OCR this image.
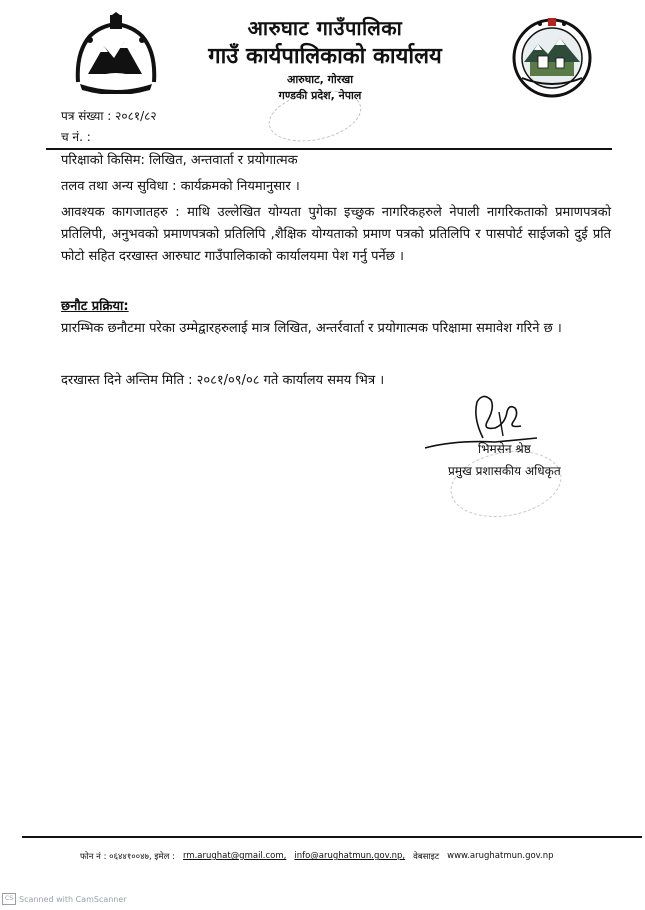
आरुघाट गाउँपालिका
गाउँ कार्यपालिकाको कार्यालय
आरुघाट, गोरखा
गण्डकी प्रदेश, नेपाल
पत्र संख्या : २०८१/८२
च नं. :
परिक्षाको किसिम: लिखित, अन्तवार्ता र प्रयोगात्मक
तलव तथा अन्य सुविधा : कार्यक्रमको नियमानुसार ।
आवश्यक कागजातहरु : माथि उल्लेखित योग्यता पुगेका इच्छुक नागरिकहरुले नेपाली नागरिकताको प्रमाणपत्रको प्रतिलिपी, अनुभवको प्रमाणपत्रको प्रतिलिपि ,शैक्षिक योग्यताको प्रमाण पत्रको प्रतिलिपि र पासपोर्ट साईजको दुई प्रति फोटो सहित दरखास्त आरुघाट गाउँपालिकाको कार्यालयमा पेश गर्नु पर्नेछ ।
छनौट प्रक्रिया:
प्रारम्भिक छनौटमा परेका उम्मेद्वारहरुलाई मात्र लिखित, अन्तर्रवार्ता र प्रयोगात्मक परिक्षामा समावेश गरिने छ ।
दरखास्त दिने अन्तिम मिति : २०८१/०९/०८ गते कार्यालय समय भित्र ।
भिमसेन श्रेष्ठ
प्रमुख प्रशासकीय अधिकृत
फोन नं : ०६४४१००४७, इमेल : rm.arughat@gmail.com, info@arughatmun.gov.np, वेबसाइट www.arughatmun.gov.np
CS Scanned with CamScanner
